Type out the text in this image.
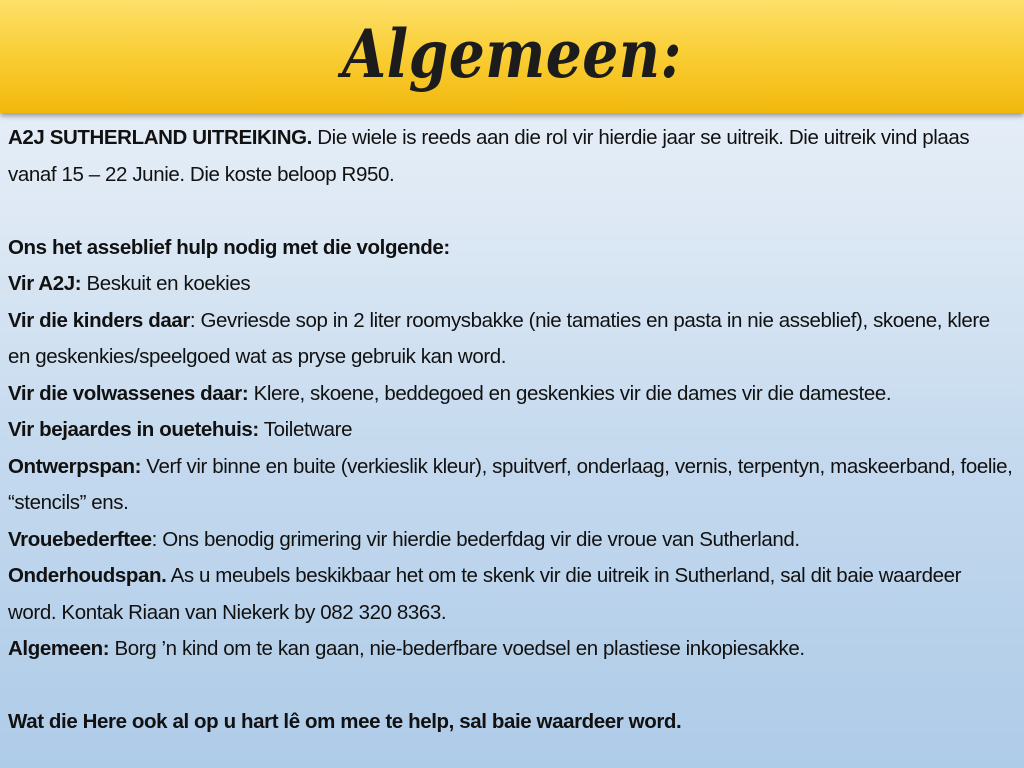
Algemeen:

A2J SUTHERLAND UITREIKING. Die wiele is reeds aan die rol vir hierdie jaar se uitreik. Die uitreik vind plaas vanaf 15 – 22 Junie. Die koste beloop R950.

Ons het asseblief hulp nodig met die volgende:

Vir A2J: Beskuit en koekies

Vir die kinders daar: Gevriesde sop in 2 liter roomysbakke (nie tamaties en pasta in nie asseblief), skoene, klere en geskenkies/speelgoed wat as pryse gebruik kan word.

Vir die volwassenes daar: Klere, skoene, beddegoed en geskenkies vir die dames vir die damestee.

Vir bejaardes in ouetehuis: Toiletware

Ontwerpspan: Verf vir binne en buite (verkieslik kleur), spuitverf, onderlaag, vernis, terpentyn, maskeerband, foelie, “stencils” ens.

Vrouebederftee: Ons benodig grimering vir hierdie bederfdag vir die vroue van Sutherland.

Onderhoudspan. As u meubels beskikbaar het om te skenk vir die uitreik in Sutherland, sal dit baie waardeer word. Kontak Riaan van Niekerk by 082 320 8363.

Algemeen: Borg ’n kind om te kan gaan, nie-bederfbare voedsel en plastiese inkopiesakke.

Wat die Here ook al op u hart lê om mee te help, sal baie waardeer word.
